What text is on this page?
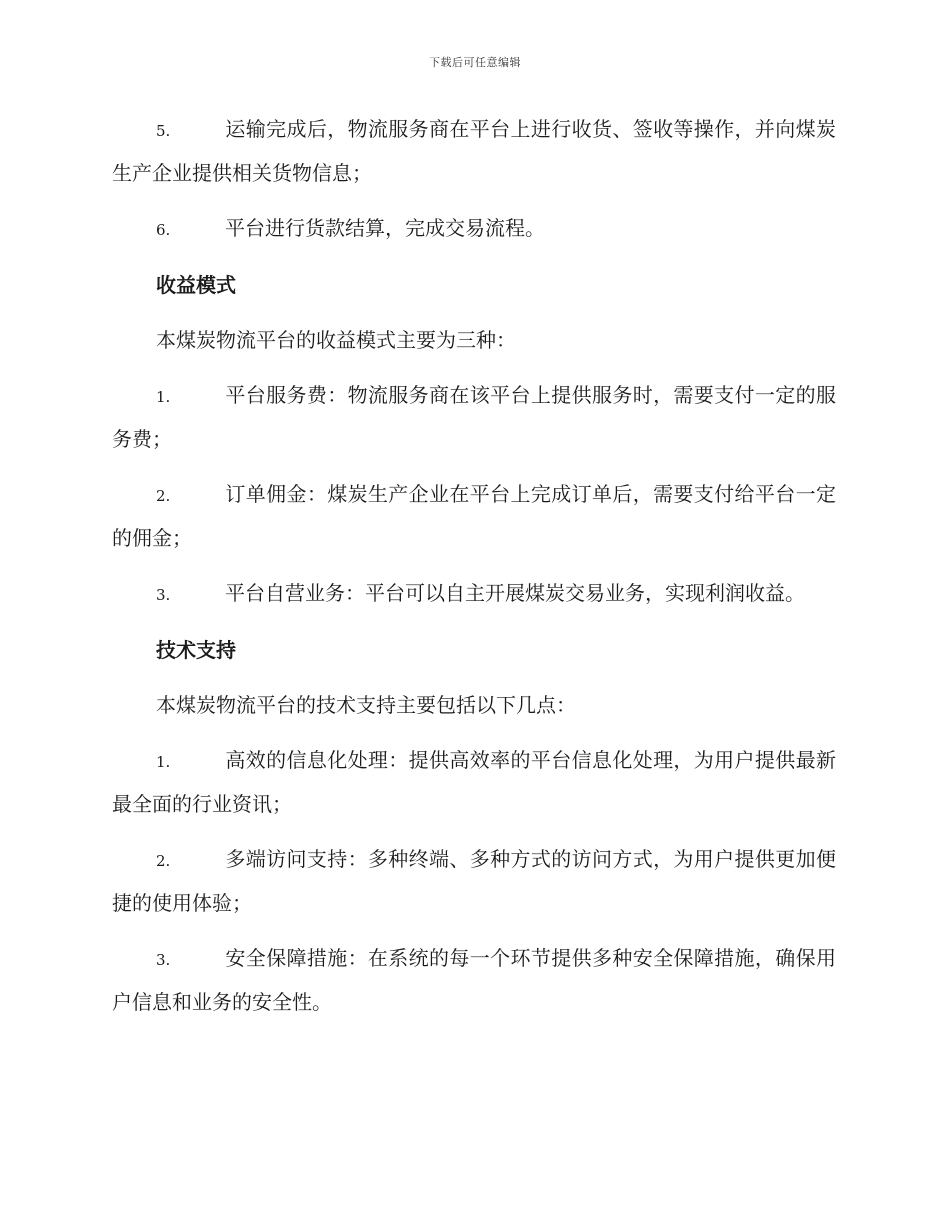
下载后可任意编辑

5.	运输完成后，物流服务商在平台上进行收货、签收等操作，并向煤炭生产企业提供相关货物信息；

6.	平台进行货款结算，完成交易流程。

收益模式

本煤炭物流平台的收益模式主要为三种：

1.	平台服务费：物流服务商在该平台上提供服务时，需要支付一定的服务费；

2.	订单佣金：煤炭生产企业在平台上完成订单后，需要支付给平台一定的佣金；

3.	平台自营业务：平台可以自主开展煤炭交易业务，实现利润收益。

技术支持

本煤炭物流平台的技术支持主要包括以下几点：

1.	高效的信息化处理：提供高效率的平台信息化处理，为用户提供最新最全面的行业资讯；

2.	多端访问支持：多种终端、多种方式的访问方式，为用户提供更加便捷的使用体验；

3.	安全保障措施：在系统的每一个环节提供多种安全保障措施，确保用户信息和业务的安全性。
